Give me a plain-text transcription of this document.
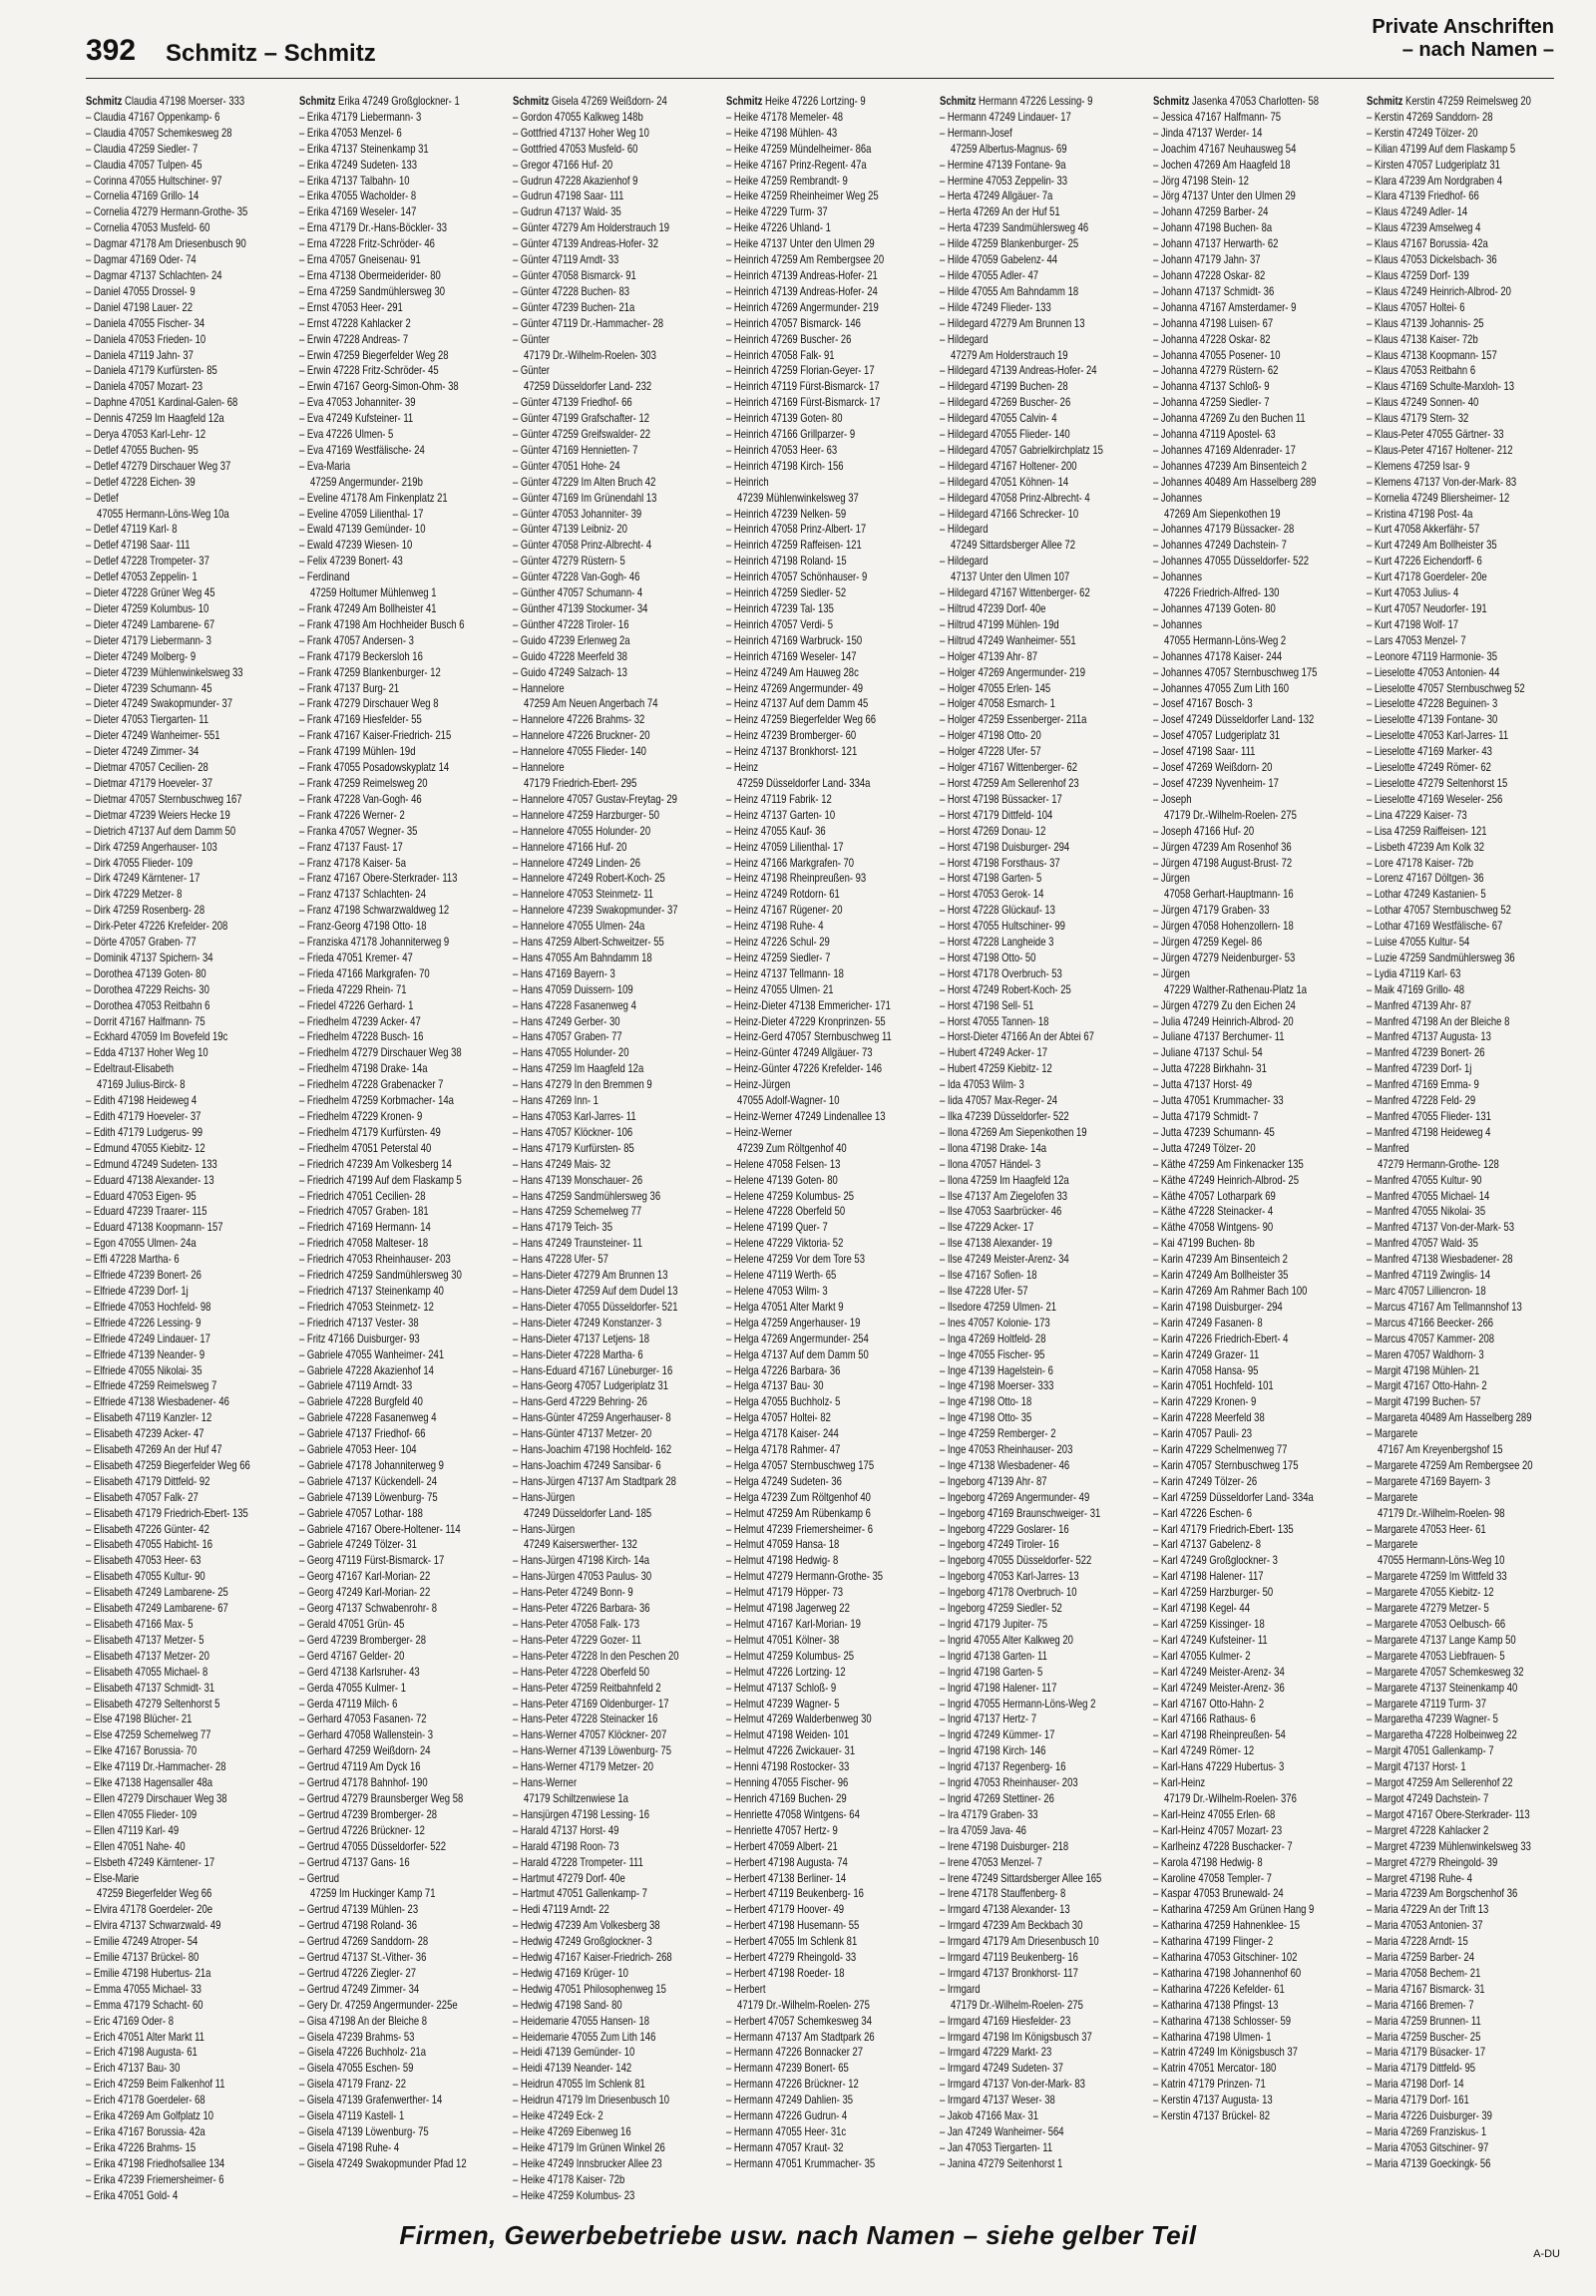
392 Schmitz – Schmitz
Private Anschriften
– nach Namen –
Schmitz Claudia 47198 Moerser- 333
– Claudia 47167 Oppenkamp- 6
– Claudia 47057 Schemkesweg 28
– Claudia 47259 Siedler- 7
– Claudia 47057 Tulpen- 45
– Corinna 47055 Hultschiner- 97
– Cornelia 47169 Grillo- 14
– Cornelia 47279 Hermann-Grothe- 35
– Cornelia 47053 Musfeld- 60
– Dagmar 47178 Am Driesenbusch 90
– Dagmar 47169 Oder- 74
– Dagmar 47137 Schlachten- 24
– Daniel 47055 Drossel- 9
– Daniel 47198 Lauer- 22
– Daniela 47055 Fischer- 34
– Daniela 47053 Frieden- 10
– Daniela 47119 Jahn- 37
– Daniela 47179 Kurfürsten- 85
– Daniela 47057 Mozart- 23
– Daphne 47051 Kardinal-Galen- 68
– Dennis 47259 Im Haagfeld 12a
– Derya 47053 Karl-Lehr- 12
– Detlef 47055 Buchen- 95
– Detlef 47279 Dirschauer Weg 37
– Detlef 47228 Eichen- 39
– Detlef
47055 Hermann-Löns-Weg 10a
– Detlef 47119 Karl- 8
– Detlef 47198 Saar- 111
– Detlef 47228 Trompeter- 37
– Detlef 47053 Zeppelin- 1
– Dieter 47228 Grüner Weg 45
– Dieter 47259 Kolumbus- 10
– Dieter 47249 Lambarene- 67
– Dieter 47179 Liebermann- 3
– Dieter 47249 Molberg- 9
– Dieter 47239 Mühlenwinkelsweg 33
– Dieter 47239 Schumann- 45
– Dieter 47249 Swakopmunder- 37
– Dieter 47053 Tiergarten- 11
– Dieter 47249 Wanheimer- 551
– Dieter 47249 Zimmer- 34
– Dietmar 47057 Cecilien- 28
– Dietmar 47179 Hoeveler- 37
– Dietmar 47057 Sternbuschweg 167
– Dietmar 47239 Weiers Hecke 19
– Dietrich 47137 Auf dem Damm 50
– Dirk 47259 Angerhauser- 103
– Dirk 47055 Flieder- 109
– Dirk 47249 Kärntener- 17
– Dirk 47229 Metzer- 8
– Dirk 47259 Rosenberg- 28
– Dirk-Peter 47226 Krefelder- 208
– Dörte 47057 Graben- 77
– Dominik 47137 Spichern- 34
– Dorothea 47139 Goten- 80
– Dorothea 47229 Reichs- 30
– Dorothea 47053 Reitbahn 6
– Dorrit 47167 Halfmann- 75
– Eckhard 47059 Im Bovefeld 19c
– Edda 47137 Hoher Weg 10
– Edeltraut-Elisabeth
47169 Julius-Birck- 8
– Edith 47198 Heideweg 4
– Edith 47179 Hoeveler- 37
– Edith 47179 Ludgerus- 99
– Edmund 47055 Kiebitz- 12
– Edmund 47249 Sudeten- 133
– Eduard 47138 Alexander- 13
– Eduard 47053 Eigen- 95
– Eduard 47239 Traarer- 115
– Eduard 47138 Koopmann- 157
– Egon 47055 Ulmen- 24a
– Effi 47228 Martha- 6
– Elfriede 47239 Bonert- 26
– Elfriede 47239 Dorf- 1j
– Elfriede 47053 Hochfeld- 98
– Elfriede 47226 Lessing- 9
– Elfriede 47249 Lindauer- 17
– Elfriede 47139 Neander- 9
– Elfriede 47055 Nikolai- 35
– Elfriede 47259 Reimelsweg 7
– Elfriede 47138 Wiesbadener- 46
– Elisabeth 47119 Kanzler- 12
– Elisabeth 47239 Acker- 47
– Elisabeth 47269 An der Huf 47
– Elisabeth 47259 Biegerfelder Weg 66
– Elisabeth 47179 Dittfeld- 92
– Elisabeth 47057 Falk- 27
– Elisabeth 47179 Friedrich-Ebert- 135
– Elisabeth 47226 Günter- 42
– Elisabeth 47055 Habicht- 16
– Elisabeth 47053 Heer- 63
– Elisabeth 47055 Kultur- 90
– Elisabeth 47249 Lambarene- 25
– Elisabeth 47249 Lambarene- 67
– Elisabeth 47166 Max- 5
– Elisabeth 47137 Metzer- 5
– Elisabeth 47137 Metzer- 20
– Elisabeth 47055 Michael- 8
– Elisabeth 47137 Schmidt- 31
– Elisabeth 47279 Seltenhorst 5
– Else 47198 Blücher- 21
– Else 47259 Schemelweg 77
– Elke 47167 Borussia- 70
– Elke 47119 Dr.-Hammacher- 28
– Elke 47138 Hagensaller 48a
– Ellen 47279 Dirschauer Weg 38
– Ellen 47055 Flieder- 109
– Ellen 47119 Karl- 49
– Ellen 47051 Nahe- 40
– Elsbeth 47249 Kärntener- 17
– Else-Marie
47259 Biegerfelder Weg 66
– Elvira 47178 Goerdeler- 20e
– Elvira 47137 Schwarzwald- 49
– Emilie 47249 Atroper- 54
– Emilie 47137 Brückel- 80
– Emilie 47198 Hubertus- 21a
– Emma 47055 Michael- 33
– Emma 47179 Schacht- 60
– Eric 47169 Oder- 8
– Erich 47051 Alter Markt 11
– Erich 47198 Augusta- 61
– Erich 47137 Bau- 30
– Erich 47259 Beim Falkenhof 11
– Erich 47178 Goerdeler- 68
– Erika 47269 Am Golfplatz 10
– Erika 47167 Borussia- 42a
– Erika 47226 Brahms- 15
– Erika 47198 Friedhofsallee 134
– Erika 47239 Friemersheimer- 6
– Erika 47051 Gold- 4
Schmitz Erika 47249 Großglockner- 1
– Erika 47179 Liebermann- 3
– Erika 47053 Menzel- 6
– Erika 47137 Steinenkamp 31
– Erika 47249 Sudeten- 133
– Erika 47137 Talbahn- 10
– Erika 47055 Wacholder- 8
– Erika 47169 Weseler- 147
– Erna 47179 Dr.-Hans-Böckler- 33
– Erna 47228 Fritz-Schröder- 46
– Erna 47057 Gneisenau- 91
– Erna 47138 Obermeiderider- 80
– Erna 47259 Sandmühlersweg 30
– Ernst 47053 Heer- 291
– Ernst 47228 Kahlacker 2
– Erwin 47228 Andreas- 7
– Erwin 47259 Biegerfelder Weg 28
– Erwin 47228 Fritz-Schröder- 45
– Erwin 47167 Georg-Simon-Ohm- 38
– Eva 47053 Johanniter- 39
– Eva 47249 Kufsteiner- 11
– Eva 47226 Ulmen- 5
– Eva 47169 Westfälische- 24
– Eva-Maria
47259 Angermunder- 219b
– Eveline 47178 Am Finkenplatz 21
– Eveline 47059 Lilienthal- 17
– Ewald 47139 Gemünder- 10
– Ewald 47239 Wiesen- 10
– Felix 47239 Bonert- 43
– Ferdinand
47259 Holtumer Mühlenweg 1
– Frank 47249 Am Bollheister 41
– Frank 47198 Am Hochheider Busch 6
– Frank 47057 Andersen- 3
– Frank 47179 Beckersloh 16
– Frank 47259 Blankenburger- 12
– Frank 47137 Burg- 21
– Frank 47279 Dirschauer Weg 8
– Frank 47169 Hiesfelder- 55
– Frank 47167 Kaiser-Friedrich- 215
– Frank 47199 Mühlen- 19d
– Frank 47055 Posadowskyplatz 14
– Frank 47259 Reimelsweg 20
– Frank 47228 Van-Gogh- 46
– Frank 47226 Werner- 2
– Franka 47057 Wegner- 35
– Franz 47137 Faust- 17
– Franz 47178 Kaiser- 5a
– Franz 47167 Obere-Sterkrader- 113
– Franz 47137 Schlachten- 24
– Franz 47198 Schwarzwaldweg 12
– Franz-Georg 47198 Otto- 18
– Franziska 47178 Johanniterweg 9
– Frieda 47051 Kremer- 47
– Frieda 47166 Markgrafen- 70
– Frieda 47229 Rhein- 71
– Friedel 47226 Gerhard- 1
– Friedhelm 47239 Acker- 47
– Friedhelm 47228 Busch- 16
– Friedhelm 47279 Dirschauer Weg 38
– Friedhelm 47198 Drake- 14a
– Friedhelm 47228 Grabenacker 7
– Friedhelm 47259 Korbmacher- 14a
– Friedhelm 47229 Kronen- 9
– Friedhelm 47179 Kurfürsten- 49
– Friedhelm 47051 Peterstal 40
– Friedrich 47239 Am Volkesberg 14
– Friedrich 47199 Auf dem Flaskamp 5
– Friedrich 47051 Cecilien- 28
– Friedrich 47057 Graben- 181
– Friedrich 47169 Hermann- 14
– Friedrich 47058 Malteser- 18
– Friedrich 47053 Rheinhauser- 203
– Friedrich 47259 Sandmühlersweg 30
– Friedrich 47137 Steinenkamp 40
– Friedrich 47053 Steinmetz- 12
– Friedrich 47137 Vester- 38
– Fritz 47166 Duisburger- 93
– Gabriele 47055 Wanheimer- 241
– Gabriele 47228 Akazienhof 14
– Gabriele 47119 Arndt- 33
– Gabriele 47228 Burgfeld 40
– Gabriele 47228 Fasanenweg 4
– Gabriele 47137 Friedhof- 66
– Gabriele 47053 Heer- 104
– Gabriele 47178 Johanniterweg 9
– Gabriele 47137 Kückendell- 24
– Gabriele 47139 Löwenburg- 75
– Gabriele 47057 Lothar- 188
– Gabriele 47167 Obere-Holtener- 114
– Gabriele 47249 Tölzer- 31
– Georg 47119 Fürst-Bismarck- 17
– Georg 47167 Karl-Morian- 22
– Georg 47249 Karl-Morian- 22
– Georg 47137 Schwabenrohr- 8
– Gerald 47051 Grün- 45
– Gerd 47239 Bromberger- 28
– Gerd 47167 Gelder- 20
– Gerd 47138 Karlsruher- 43
– Gerda 47055 Kulmer- 1
– Gerda 47119 Milch- 6
– Gerhard 47053 Fasanen- 72
– Gerhard 47058 Wallenstein- 3
– Gerhard 47259 Weißdorn- 24
– Gertrud 47119 Am Dyck 16
– Gertrud 47178 Bahnhof- 190
– Gertrud 47279 Braunsberger Weg 58
– Gertrud 47239 Bromberger- 28
– Gertrud 47226 Brückner- 12
– Gertrud 47055 Düsseldorfer- 522
– Gertrud 47137 Gans- 16
– Gertrud
47259 Im Huckinger Kamp 71
– Gertrud 47139 Mühlen- 23
– Gertrud 47198 Roland- 36
– Gertrud 47269 Sanddorn- 28
– Gertrud 47137 St.-Vither- 36
– Gertrud 47226 Ziegler- 27
– Gertrud 47249 Zimmer- 34
– Gery Dr. 47259 Angermunder- 225e
– Gisa 47198 An der Bleiche 8
– Gisela 47239 Brahms- 53
– Gisela 47226 Buchholz- 21a
– Gisela 47055 Eschen- 59
– Gisela 47179 Franz- 22
– Gisela 47139 Grafenwerther- 14
– Gisela 47119 Kastell- 1
– Gisela 47139 Löwenburg- 75
– Gisela 47198 Ruhe- 4
– Gisela 47249 Swakopmunder Pfad 12
Schmitz Gisela 47269 Weißdorn- 24
– Gordon 47055 Kalkweg 148b
– Gottfried 47137 Hoher Weg 10
– Gottfried 47053 Musfeld- 60
– Gregor 47166 Huf- 20
– Gudrun 47228 Akazienhof 9
– Gudrun 47198 Saar- 111
– Gudrun 47137 Wald- 35
– Günter 47279 Am Holderstrauch 19
– Günter 47139 Andreas-Hofer- 32
– Günter 47119 Arndt- 33
– Günter 47058 Bismarck- 91
– Günter 47228 Buchen- 83
– Günter 47239 Buchen- 21a
– Günter 47119 Dr.-Hammacher- 28
– Günter
47179 Dr.-Wilhelm-Roelen- 303
– Günter
47259 Düsseldorfer Land- 232
– Günter 47139 Friedhof- 66
– Günter 47199 Grafschafter- 12
– Günter 47259 Greifswalder- 22
– Günter 47169 Hennietten- 7
– Günter 47051 Hohe- 24
– Günter 47229 Im Alten Bruch 42
– Günter 47169 Im Grünendahl 13
– Günter 47053 Johanniter- 39
– Günter 47139 Leibniz- 20
– Günter 47058 Prinz-Albrecht- 4
– Günter 47279 Rüstern- 5
– Günter 47228 Van-Gogh- 46
– Günther 47057 Schumann- 4
– Günther 47139 Stockumer- 34
– Günther 47228 Tiroler- 16
– Guido 47239 Erlenweg 2a
– Guido 47228 Meerfeld 38
– Guido 47249 Salzach- 13
– Hannelore
47259 Am Neuen Angerbach 74
– Hannelore 47226 Brahms- 32
– Hannelore 47226 Bruckner- 20
– Hannelore 47055 Flieder- 140
– Hannelore
47179 Friedrich-Ebert- 295
– Hannelore 47057 Gustav-Freytag- 29
– Hannelore 47259 Harzburger- 50
– Hannelore 47055 Holunder- 20
– Hannelore 47166 Huf- 20
– Hannelore 47249 Linden- 26
– Hannelore 47249 Robert-Koch- 25
– Hannelore 47053 Steinmetz- 11
– Hannelore 47239 Swakopmunder- 37
– Hannelore 47055 Ulmen- 24a
– Hans 47259 Albert-Schweitzer- 55
– Hans 47055 Am Bahndamm 18
– Hans 47169 Bayern- 3
– Hans 47059 Duissern- 109
– Hans 47228 Fasanenweg 4
– Hans 47249 Gerber- 30
– Hans 47057 Graben- 77
– Hans 47055 Holunder- 20
– Hans 47259 Im Haagfeld 12a
– Hans 47279 In den Bremmen 9
– Hans 47269 Inn- 1
– Hans 47053 Karl-Jarres- 11
– Hans 47057 Klöckner- 106
– Hans 47179 Kurfürsten- 85
– Hans 47249 Mais- 32
– Hans 47139 Monschauer- 26
– Hans 47259 Sandmühlersweg 36
– Hans 47259 Schemelweg 77
– Hans 47179 Teich- 35
– Hans 47249 Traunsteiner- 11
– Hans 47228 Ufer- 57
– Hans-Dieter 47279 Am Brunnen 13
– Hans-Dieter 47259 Auf dem Dudel 13
– Hans-Dieter 47055 Düsseldorfer- 521
– Hans-Dieter 47249 Konstanzer- 3
– Hans-Dieter 47137 Letjens- 18
– Hans-Dieter 47228 Martha- 6
– Hans-Eduard 47167 Lüneburger- 16
– Hans-Georg 47057 Ludgeriplatz 31
– Hans-Gerd 47229 Behring- 26
– Hans-Günter 47259 Angerhauser- 8
– Hans-Günter 47137 Metzer- 20
– Hans-Joachim 47198 Hochfeld- 162
– Hans-Joachim 47249 Sansibar- 6
– Hans-Jürgen 47137 Am Stadtpark 28
– Hans-Jürgen
47249 Düsseldorfer Land- 185
– Hans-Jürgen
47249 Kaiserswerther- 132
– Hans-Jürgen 47198 Kirch- 14a
– Hans-Jürgen 47053 Paulus- 30
– Hans-Peter 47249 Bonn- 9
– Hans-Peter 47226 Barbara- 36
– Hans-Peter 47058 Falk- 173
– Hans-Peter 47229 Gozer- 11
– Hans-Peter 47228 In den Peschen 20
– Hans-Peter 47228 Oberfeld 50
– Hans-Peter 47259 Reitbahnfeld 2
– Hans-Peter 47169 Oldenburger- 17
– Hans-Peter 47228 Steinacker 16
– Hans-Werner 47057 Klöckner- 207
– Hans-Werner 47139 Löwenburg- 75
– Hans-Werner 47179 Metzer- 20
– Hans-Werner
47179 Schiltzenwiese 1a
– Hansjürgen 47198 Lessing- 16
– Harald 47137 Horst- 49
– Harald 47198 Roon- 73
– Harald 47228 Trompeter- 111
– Hartmut 47279 Dorf- 40e
– Hartmut 47051 Gallenkamp- 7
– Hedi 47119 Arndt- 22
– Hedwig 47239 Am Volkesberg 38
– Hedwig 47249 Großglockner- 3
– Hedwig 47167 Kaiser-Friedrich- 268
– Hedwig 47169 Krüger- 10
– Hedwig 47051 Philosophenweg 15
– Hedwig 47198 Sand- 80
– Heidemarie 47055 Hansen- 18
– Heidemarie 47055 Zum Lith 146
– Heidi 47139 Gemünder- 10
– Heidi 47139 Neander- 142
– Heidrun 47055 Im Schlenk 81
– Heidrun 47179 Im Driesenbusch 10
– Heike 47249 Eck- 2
– Heike 47269 Eibenweg 16
– Heike 47179 Im Grünen Winkel 26
– Heike 47249 Innsbrucker Allee 23
– Heike 47178 Kaiser- 72b
– Heike 47259 Kolumbus- 23
Schmitz Heike 47226 Lortzing- 9
– Heike 47178 Memeler- 48
– Heike 47198 Mühlen- 43
– Heike 47259 Mündelheimer- 86a
– Heike 47167 Prinz-Regent- 47a
– Heike 47259 Rembrandt- 9
– Heike 47259 Rheinheimer Weg 25
– Heike 47229 Turm- 37
– Heike 47226 Uhland- 1
– Heike 47137 Unter den Ulmen 29
– Heinrich 47259 Am Rembergsee 20
– Heinrich 47139 Andreas-Hofer- 21
– Heinrich 47139 Andreas-Hofer- 24
– Heinrich 47269 Angermunder- 219
– Heinrich 47057 Bismarck- 146
– Heinrich 47269 Buscher- 26
– Heinrich 47058 Falk- 91
– Heinrich 47259 Florian-Geyer- 17
– Heinrich 47119 Fürst-Bismarck- 17
– Heinrich 47169 Fürst-Bismarck- 17
– Heinrich 47139 Goten- 80
– Heinrich 47166 Grillparzer- 9
– Heinrich 47053 Heer- 63
– Heinrich 47198 Kirch- 156
– Heinrich
47239 Mühlenwinkelsweg 37
– Heinrich 47239 Nelken- 59
– Heinrich 47058 Prinz-Albert- 17
– Heinrich 47259 Raffeisen- 121
– Heinrich 47198 Roland- 15
– Heinrich 47057 Schönhauser- 9
– Heinrich 47259 Siedler- 52
– Heinrich 47239 Tal- 135
– Heinrich 47057 Verdi- 5
– Heinrich 47169 Warbruck- 150
– Heinrich 47169 Weseler- 147
– Heinz 47249 Am Hauweg 28c
– Heinz 47269 Angermunder- 49
– Heinz 47137 Auf dem Damm 45
– Heinz 47259 Biegerfelder Weg 66
– Heinz 47239 Bromberger- 60
– Heinz 47137 Bronkhorst- 121
– Heinz
47259 Düsseldorfer Land- 334a
– Heinz 47119 Fabrik- 12
– Heinz 47137 Garten- 10
– Heinz 47055 Kauf- 36
– Heinz 47059 Lilienthal- 17
– Heinz 47166 Markgrafen- 70
– Heinz 47198 Rheinpreußen- 93
– Heinz 47249 Rotdorn- 61
– Heinz 47167 Rügener- 20
– Heinz 47198 Ruhe- 4
– Heinz 47226 Schul- 29
– Heinz 47259 Siedler- 7
– Heinz 47137 Tellmann- 18
– Heinz 47055 Ulmen- 21
– Heinz-Dieter 47138 Emmericher- 171
– Heinz-Dieter 47229 Kronprinzen- 55
– Heinz-Gerd 47057 Sternbuschweg 11
– Heinz-Günter 47249 Allgäuer- 73
– Heinz-Günter 47226 Krefelder- 146
– Heinz-Jürgen
47055 Adolf-Wagner- 10
– Heinz-Werner 47249 Lindenallee 13
– Heinz-Werner
47239 Zum Röltgenhof 40
– Helene 47058 Felsen- 13
– Helene 47139 Goten- 80
– Helene 47259 Kolumbus- 25
– Helene 47228 Oberfeld 50
– Helene 47199 Quer- 7
– Helene 47229 Viktoria- 52
– Helene 47259 Vor dem Tore 53
– Helene 47119 Werth- 65
– Helene 47053 Wilm- 3
– Helga 47051 Alter Markt 9
– Helga 47259 Angerhauser- 19
– Helga 47269 Angermunder- 254
– Helga 47137 Auf dem Damm 50
– Helga 47226 Barbara- 36
– Helga 47137 Bau- 30
– Helga 47055 Buchholz- 5
– Helga 47057 Holtei- 82
– Helga 47178 Kaiser- 244
– Helga 47178 Rahmer- 47
– Helga 47057 Sternbuschweg 175
– Helga 47249 Sudeten- 36
– Helga 47239 Zum Röltgenhof 40
– Helmut 47259 Am Rübenkamp 6
– Helmut 47239 Friemersheimer- 6
– Helmut 47059 Hansa- 18
– Helmut 47198 Hedwig- 8
– Helmut 47279 Hermann-Grothe- 35
– Helmut 47179 Höpper- 73
– Helmut 47198 Jagerweg 22
– Helmut 47167 Karl-Morian- 19
– Helmut 47051 Kölner- 38
– Helmut 47259 Kolumbus- 25
– Helmut 47226 Lortzing- 12
– Helmut 47137 Schloß- 9
– Helmut 47239 Wagner- 5
– Helmut 47269 Walderbenweg 30
– Helmut 47198 Weiden- 101
– Helmut 47226 Zwickauer- 31
– Henni 47198 Rostocker- 33
– Henning 47055 Fischer- 96
– Henrich 47169 Buchen- 29
– Henriette 47058 Wintgens- 64
– Henriette 47057 Hertz- 9
– Herbert 47059 Albert- 21
– Herbert 47198 Augusta- 74
– Herbert 47138 Berliner- 14
– Herbert 47119 Beukenberg- 16
– Herbert 47179 Hoover- 49
– Herbert 47198 Husemann- 55
– Herbert 47055 Im Schlenk 81
– Herbert 47279 Rheingold- 33
– Herbert 47198 Roeder- 18
– Herbert
47179 Dr.-Wilhelm-Roelen- 275
– Herbert 47057 Schemkesweg 34
– Hermann 47137 Am Stadtpark 26
– Hermann 47226 Bonnacker 27
– Hermann 47239 Bonert- 65
– Hermann 47226 Brückner- 12
– Hermann 47249 Dahlien- 35
– Hermann 47226 Gudrun- 4
– Hermann 47055 Heer- 31c
– Hermann 47057 Kraut- 32
– Hermann 47051 Krummacher- 35
Schmitz Hermann 47226 Lessing- 9
– Hermann 47249 Lindauer- 17
– Hermann-Josef
47259 Albertus-Magnus- 69
– Hermine 47139 Fontane- 9a
– Hermine 47053 Zeppelin- 33
– Herta 47249 Allgäuer- 7a
– Herta 47269 An der Huf 51
– Herta 47239 Sandmühlersweg 46
– Hilde 47259 Blankenburger- 25
– Hilde 47059 Gabelenz- 44
– Hilde 47055 Adler- 47
– Hilde 47055 Am Bahndamm 18
– Hilde 47249 Flieder- 133
– Hildegard 47279 Am Brunnen 13
– Hildegard
47279 Am Holderstrauch 19
– Hildegard 47139 Andreas-Hofer- 24
– Hildegard 47199 Buchen- 28
– Hildegard 47269 Buscher- 26
– Hildegard 47055 Calvin- 4
– Hildegard 47055 Flieder- 140
– Hildegard 47057 Gabrielkirchplatz 15
– Hildegard 47167 Holtener- 200
– Hildegard 47051 Köhnen- 14
– Hildegard 47058 Prinz-Albrecht- 4
– Hildegard 47166 Schrecker- 10
– Hildegard
47249 Sittardsberger Allee 72
– Hildegard
47137 Unter den Ulmen 107
– Hildegard 47167 Wittenberger- 62
– Hiltrud 47239 Dorf- 40e
– Hiltrud 47199 Mühlen- 19d
– Hiltrud 47249 Wanheimer- 551
– Holger 47139 Ahr- 87
– Holger 47269 Angermunder- 219
– Holger 47055 Erlen- 145
– Holger 47058 Esmarch- 1
– Holger 47259 Essenberger- 211a
– Holger 47198 Otto- 20
– Holger 47228 Ufer- 57
– Holger 47167 Wittenberger- 62
– Horst 47259 Am Sellerenhof 23
– Horst 47198 Büssacker- 17
– Horst 47179 Dittfeld- 104
– Horst 47269 Donau- 12
– Horst 47198 Duisburger- 294
– Horst 47198 Forsthaus- 37
– Horst 47198 Garten- 5
– Horst 47053 Gerok- 14
– Horst 47228 Glückauf- 13
– Horst 47055 Hultschiner- 99
– Horst 47228 Langheide 3
– Horst 47198 Otto- 50
– Horst 47178 Overbruch- 53
– Horst 47249 Robert-Koch- 25
– Horst 47198 Sell- 51
– Horst 47055 Tannen- 18
– Horst-Dieter 47166 An der Abtei 67
– Hubert 47249 Acker- 17
– Hubert 47259 Kiebitz- 12
– Ida 47053 Wilm- 3
– Iida 47057 Max-Reger- 24
– Ilka 47239 Düsseldorfer- 522
– Ilona 47269 Am Siepenkothen 19
– Ilona 47198 Drake- 14a
– Ilona 47057 Händel- 3
– Ilona 47259 Im Haagfeld 12a
– Ilse 47137 Am Ziegelofen 33
– Ilse 47053 Saarbrücker- 46
– Ilse 47229 Acker- 17
– Ilse 47138 Alexander- 19
– Ilse 47249 Meister-Arenz- 34
– Ilse 47167 Sofien- 18
– Ilse 47228 Ufer- 57
– Ilsedore 47259 Ulmen- 21
– Ines 47057 Kolonie- 173
– Inga 47269 Holtfeld- 28
– Inge 47055 Fischer- 95
– Inge 47139 Hagelstein- 6
– Inge 47198 Moerser- 333
– Inge 47198 Otto- 18
– Inge 47198 Otto- 35
– Inge 47259 Remberger- 2
– Inge 47053 Rheinhauser- 203
– Inge 47138 Wiesbadener- 46
– Ingeborg 47139 Ahr- 87
– Ingeborg 47269 Angermunder- 49
– Ingeborg 47169 Braunschweiger- 31
– Ingeborg 47229 Goslarer- 16
– Ingeborg 47249 Tiroler- 16
– Ingeborg 47055 Düsseldorfer- 522
– Ingeborg 47053 Karl-Jarres- 13
– Ingeborg 47178 Overbruch- 10
– Ingeborg 47259 Siedler- 52
– Ingrid 47179 Jupiter- 75
– Ingrid 47055 Alter Kalkweg 20
– Ingrid 47138 Garten- 11
– Ingrid 47198 Garten- 5
– Ingrid 47198 Halener- 117
– Ingrid 47055 Hermann-Löns-Weg 2
– Ingrid 47137 Hertz- 7
– Ingrid 47249 Kümmer- 17
– Ingrid 47198 Kirch- 146
– Ingrid 47137 Regenberg- 16
– Ingrid 47053 Rheinhauser- 203
– Ingrid 47269 Stettiner- 26
– Ira 47179 Graben- 33
– Ira 47059 Java- 46
– Irene 47198 Duisburger- 218
– Irene 47053 Menzel- 7
– Irene 47249 Sittardsberger Allee 165
– Irene 47178 Stauffenberg- 8
– Irmgard 47138 Alexander- 13
– Irmgard 47239 Am Beckbach 30
– Irmgard 47179 Am Driesenbusch 10
– Irmgard 47119 Beukenberg- 16
– Irmgard 47137 Bronkhorst- 117
– Irmgard
47179 Dr.-Wilhelm-Roelen- 275
– Irmgard 47169 Hiesfelder- 23
– Irmgard 47198 Im Königsbusch 37
– Irmgard 47229 Markt- 23
– Irmgard 47249 Sudeten- 37
– Irmgard 47137 Von-der-Mark- 83
– Irmgard 47137 Weser- 38
– Jakob 47166 Max- 31
– Jan 47249 Wanheimer- 564
– Jan 47053 Tiergarten- 11
– Janina 47279 Seitenhorst 1
Schmitz Jasenka 47053 Charlotten- 58
– Jessica 47167 Halfmann- 75
– Jinda 47137 Werder- 14
– Joachim 47167 Neuhausweg 54
– Jochen 47269 Am Haagfeld 18
– Jörg 47198 Stein- 12
– Jörg 47137 Unter den Ulmen 29
– Johann 47259 Barber- 24
– Johann 47198 Buchen- 8a
– Johann 47137 Herwarth- 62
– Johann 47179 Jahn- 37
– Johann 47228 Oskar- 82
– Johann 47137 Schmidt- 36
– Johanna 47167 Amsterdamer- 9
– Johanna 47198 Luisen- 67
– Johanna 47228 Oskar- 82
– Johanna 47055 Posener- 10
– Johanna 47279 Rüstern- 62
– Johanna 47137 Schloß- 9
– Johanna 47259 Siedler- 7
– Johanna 47269 Zu den Buchen 11
– Johanna 47119 Apostel- 63
– Johannes 47169 Aldenrader- 17
– Johannes 47239 Am Binsenteich 2
– Johannes 40489 Am Hasselberg 289
– Johannes
47269 Am Siepenkothen 19
– Johannes 47179 Büssacker- 28
– Johannes 47249 Dachstein- 7
– Johannes 47055 Düsseldorfer- 522
– Johannes
47226 Friedrich-Alfred- 130
– Johannes 47139 Goten- 80
– Johannes
47055 Hermann-Löns-Weg 2
– Johannes 47178 Kaiser- 244
– Johannes 47057 Sternbuschweg 175
– Johannes 47055 Zum Lith 160
– Josef 47167 Bosch- 3
– Josef 47249 Düsseldorfer Land- 132
– Josef 47057 Ludgeriplatz 31
– Josef 47198 Saar- 111
– Josef 47269 Weißdorn- 20
– Josef 47239 Nyvenheim- 17
– Joseph
47179 Dr.-Wilhelm-Roelen- 275
– Joseph 47166 Huf- 20
– Jürgen 47239 Am Rosenhof 36
– Jürgen 47198 August-Brust- 72
– Jürgen
47058 Gerhart-Hauptmann- 16
– Jürgen 47179 Graben- 33
– Jürgen 47058 Hohenzollern- 18
– Jürgen 47259 Kegel- 86
– Jürgen 47279 Neidenburger- 53
– Jürgen
47229 Walther-Rathenau-Platz 1a
– Jürgen 47279 Zu den Eichen 24
– Julia 47249 Heinrich-Albrod- 20
– Juliane 47137 Berchumer- 11
– Juliane 47137 Schul- 54
– Jutta 47228 Birkhahn- 31
– Jutta 47137 Horst- 49
– Jutta 47051 Krummacher- 33
– Jutta 47179 Schmidt- 7
– Jutta 47239 Schumann- 45
– Jutta 47249 Tölzer- 20
– Käthe 47259 Am Finkenacker 135
– Käthe 47249 Heinrich-Albrod- 25
– Käthe 47057 Lotharpark 69
– Käthe 47228 Steinacker- 4
– Käthe 47058 Wintgens- 90
– Kai 47199 Buchen- 8b
– Karin 47239 Am Binsenteich 2
– Karin 47249 Am Bollheister 35
– Karin 47269 Am Rahmer Bach 100
– Karin 47198 Duisburger- 294
– Karin 47249 Fasanen- 8
– Karin 47226 Friedrich-Ebert- 4
– Karin 47249 Grazer- 11
– Karin 47058 Hansa- 95
– Karin 47051 Hochfeld- 101
– Karin 47229 Kronen- 9
– Karin 47228 Meerfeld 38
– Karin 47057 Pauli- 23
– Karin 47229 Schelmenweg 77
– Karin 47057 Sternbuschweg 175
– Karin 47249 Tölzer- 26
– Karl 47259 Düsseldorfer Land- 334a
– Karl 47226 Eschen- 6
– Karl 47179 Friedrich-Ebert- 135
– Karl 47137 Gabelenz- 8
– Karl 47249 Großglockner- 3
– Karl 47198 Halener- 117
– Karl 47259 Harzburger- 50
– Karl 47198 Kegel- 44
– Karl 47259 Kissinger- 18
– Karl 47249 Kufsteiner- 11
– Karl 47055 Kulmer- 2
– Karl 47249 Meister-Arenz- 34
– Karl 47249 Meister-Arenz- 36
– Karl 47167 Otto-Hahn- 2
– Karl 47166 Rathaus- 6
– Karl 47198 Rheinpreußen- 54
– Karl 47249 Römer- 12
– Karl-Hans 47229 Hubertus- 3
– Karl-Heinz
47179 Dr.-Wilhelm-Roelen- 376
– Karl-Heinz 47055 Erlen- 68
– Karl-Heinz 47057 Mozart- 23
– Karlheinz 47228 Buschacker- 7
– Karola 47198 Hedwig- 8
– Karoline 47058 Templer- 7
– Kaspar 47053 Brunewald- 24
– Katharina 47259 Am Grünen Hang 9
– Katharina 47259 Hahnenklee- 15
– Katharina 47199 Flinger- 2
– Katharina 47053 Gitschiner- 102
– Katharina 47198 Johannenhof 60
– Katharina 47226 Kefelder- 61
– Katharina 47138 Pfingst- 13
– Katharina 47138 Schlosser- 59
– Katharina 47198 Ulmen- 1
– Katrin 47249 Im Königsbusch 37
– Katrin 47051 Mercator- 180
– Katrin 47179 Prinzen- 71
– Kerstin 47137 Augusta- 13
– Kerstin 47137 Brückel- 82
Schmitz Kerstin 47259 Reimelsweg 20
– Kerstin 47269 Sanddorn- 28
– Kerstin 47249 Tölzer- 20
– Kilian 47199 Auf dem Flaskamp 5
– Kirsten 47057 Ludgeriplatz 31
– Klara 47239 Am Nordgraben 4
– Klara 47139 Friedhof- 66
– Klaus 47249 Adler- 14
– Klaus 47239 Amselweg 4
– Klaus 47167 Borussia- 42a
– Klaus 47053 Dickelsbach- 36
– Klaus 47259 Dorf- 139
– Klaus 47249 Heinrich-Albrod- 20
– Klaus 47057 Holtei- 6
– Klaus 47139 Johannis- 25
– Klaus 47138 Kaiser- 72b
– Klaus 47138 Koopmann- 157
– Klaus 47053 Reitbahn 6
– Klaus 47169 Schulte-Marxloh- 13
– Klaus 47249 Sonnen- 40
– Klaus 47179 Stern- 32
– Klaus-Peter 47055 Gärtner- 33
– Klaus-Peter 47167 Holtener- 212
– Klemens 47259 Isar- 9
– Klemens 47137 Von-der-Mark- 83
– Kornelia 47249 Bliersheimer- 12
– Kristina 47198 Post- 4a
– Kurt 47058 Akkerfähr- 57
– Kurt 47249 Am Bollheister 35
– Kurt 47226 Eichendorff- 6
– Kurt 47178 Goerdeler- 20e
– Kurt 47053 Julius- 4
– Kurt 47057 Neudorfer- 191
– Kurt 47198 Wolf- 17
– Lars 47053 Menzel- 7
– Leonore 47119 Harmonie- 35
– Lieselotte 47053 Antonien- 44
– Lieselotte 47057 Sternbuschweg 52
– Lieselotte 47228 Beguinen- 3
– Lieselotte 47139 Fontane- 30
– Lieselotte 47053 Karl-Jarres- 11
– Lieselotte 47169 Marker- 43
– Lieselotte 47249 Römer- 62
– Lieselotte 47279 Seltenhorst 15
– Lieselotte 47169 Weseler- 256
– Lina 47229 Kaiser- 73
– Lisa 47259 Raiffeisen- 121
– Lisbeth 47239 Am Kolk 32
– Lore 47178 Kaiser- 72b
– Lorenz 47167 Döltgen- 36
– Lothar 47249 Kastanien- 5
– Lothar 47057 Sternbuschweg 52
– Lothar 47169 Westfälische- 67
– Luise 47055 Kultur- 54
– Luzie 47259 Sandmühlersweg 36
– Lydia 47119 Karl- 63
– Maik 47169 Grillo- 48
– Manfred 47139 Ahr- 87
– Manfred 47198 An der Bleiche 8
– Manfred 47137 Augusta- 13
– Manfred 47239 Bonert- 26
– Manfred 47239 Dorf- 1j
– Manfred 47169 Emma- 9
– Manfred 47228 Feld- 29
– Manfred 47055 Flieder- 131
– Manfred 47198 Heideweg 4
– Manfred
47279 Hermann-Grothe- 128
– Manfred 47055 Kultur- 90
– Manfred 47055 Michael- 14
– Manfred 47055 Nikolai- 35
– Manfred 47137 Von-der-Mark- 53
– Manfred 47057 Wald- 35
– Manfred 47138 Wiesbadener- 28
– Manfred 47119 Zwinglis- 14
– Marc 47057 Lilliencron- 18
– Marcus 47167 Am Tellmannshof 13
– Marcus 47166 Beecker- 266
– Marcus 47057 Kammer- 208
– Maren 47057 Waldhorn- 3
– Margit 47198 Mühlen- 21
– Margit 47167 Otto-Hahn- 2
– Margit 47199 Buchen- 57
– Margareta 40489 Am Hasselberg 289
– Margarete
47167 Am Kreyenbergshof 15
– Margarete 47259 Am Rembergsee 20
– Margarete 47169 Bayern- 3
– Margarete
47179 Dr.-Wilhelm-Roelen- 98
– Margarete 47053 Heer- 61
– Margarete
47055 Hermann-Löns-Weg 10
– Margarete 47259 Im Wittfeld 33
– Margarete 47055 Kiebitz- 12
– Margarete 47279 Metzer- 5
– Margarete 47053 Oelbusch- 66
– Margarete 47137 Lange Kamp 50
– Margarete 47053 Liebfrauen- 5
– Margarete 47057 Schemkesweg 32
– Margarete 47137 Steinenkamp 40
– Margarete 47119 Turm- 37
– Margaretha 47239 Wagner- 5
– Margaretha 47228 Holbeinweg 22
– Margit 47051 Gallenkamp- 7
– Margit 47137 Horst- 1
– Margot 47259 Am Sellerenhof 22
– Margot 47249 Dachstein- 7
– Margot 47167 Obere-Sterkrader- 113
– Margret 47228 Kahlacker 2
– Margret 47239 Mühlenwinkelsweg 33
– Margret 47279 Rheingold- 39
– Margret 47198 Ruhe- 4
– Maria 47239 Am Borgschenhof 36
– Maria 47229 An der Trift 13
– Maria 47053 Antonien- 37
– Maria 47228 Arndt- 15
– Maria 47259 Barber- 24
– Maria 47058 Bechem- 21
– Maria 47167 Bismarck- 31
– Maria 47166 Bremen- 7
– Maria 47259 Brunnen- 11
– Maria 47259 Buscher- 25
– Maria 47179 Büsacker- 17
– Maria 47179 Dittfeld- 95
– Maria 47198 Dorf- 14
– Maria 47179 Dorf- 161
– Maria 47226 Duisburger- 39
– Maria 47269 Franziskus- 1
– Maria 47053 Gitschiner- 97
– Maria 47139 Goeckingk- 56
Firmen, Gewerbebetriebe usw. nach Namen – siehe gelber Teil
A-DU
